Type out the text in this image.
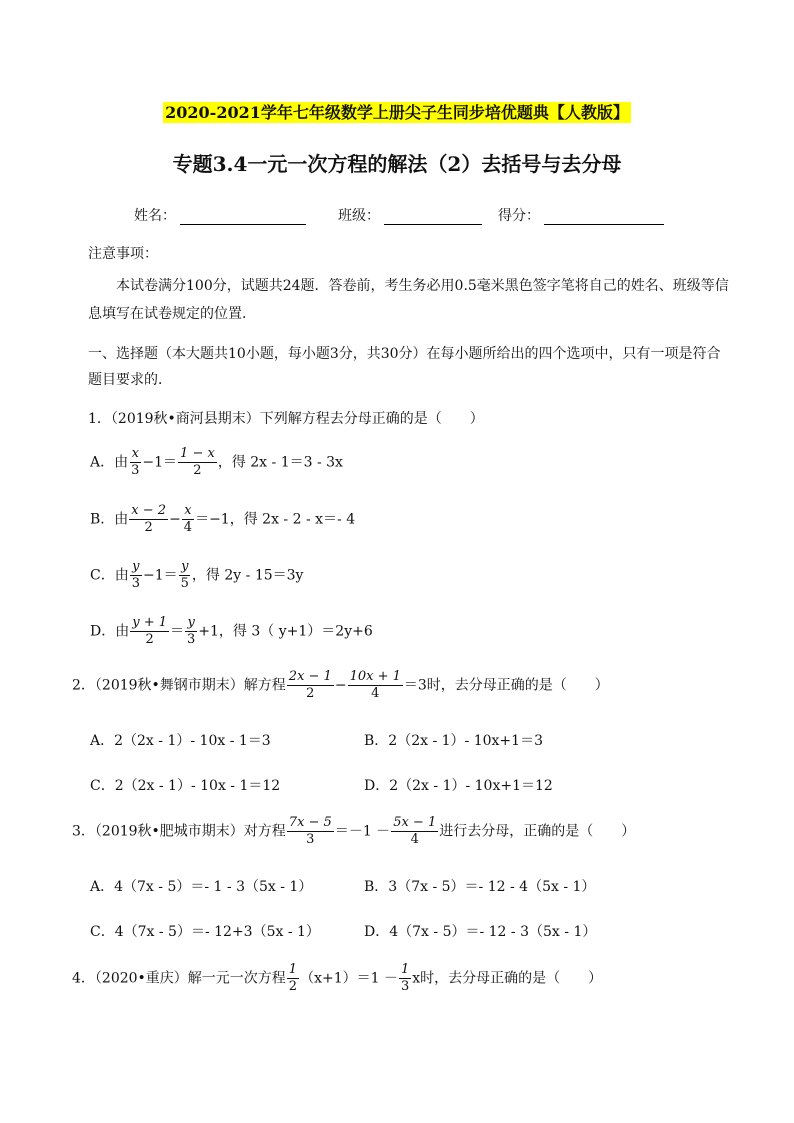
2020-2021学年七年级数学上册尖子生同步培优题典【人教版】
专题3.4一元一次方程的解法（2）去括号与去分母
姓名：	班级：	得分：
注意事项：
本试卷满分100分，试题共24题．答卷前，考生务必用0.5毫米黑色签字笔将自己的姓名、班级等信
息填写在试卷规定的位置．
一、选择题（本大题共10小题，每小题3分，共30分）在每小题所给出的四个选项中，只有一项是符合
题目要求的．
1．（2019秋•商河县期末）下列解方程去分母正确的是（　　）
A．由 $\frac{x}{3} -1= \frac{1 - x}{2}$ ，得 2x - 1＝3 - 3x
B．由 $\frac{x - 2}{2} - \frac{x}{4} =-1$，得 2x - 2 - x＝- 4
C．由 $\frac{y}{3} -1= \frac{y}{5}$ ，得 2y - 15＝3y
D．由 $\frac{y + 1}{2} = \frac{y}{3} +1$，得 3（ y+1）＝2y+6
2．（2019秋•舞钢市期末）解方程 $\frac{2x - 1}{2} - \frac{10x + 1}{4} =3$时，去分母正确的是（　　）
A．2（2x - 1）- 10x - 1＝3	B．2（2x - 1）- 10x+1＝3
C．2（2x - 1）- 10x - 1＝12	D．2（2x - 1）- 10x+1＝12
3．（2019秋•肥城市期末）对方程 $\frac{7x - 5}{3} =-1 - \frac{5x - 1}{4}$ 进行去分母，正确的是（　　）
A．4（7x - 5）＝- 1 - 3（5x - 1）	B．3（7x - 5）＝- 12 - 4（5x - 1）
C．4（7x - 5）＝- 12+3（5x - 1）	D．4（7x - 5）＝- 12 - 3（5x - 1）
4．（2020•重庆）解一元一次方程 $\frac{1}{2} (x+1)=1 - \frac{1}{3}$ x时，去分母正确的是（　　）
